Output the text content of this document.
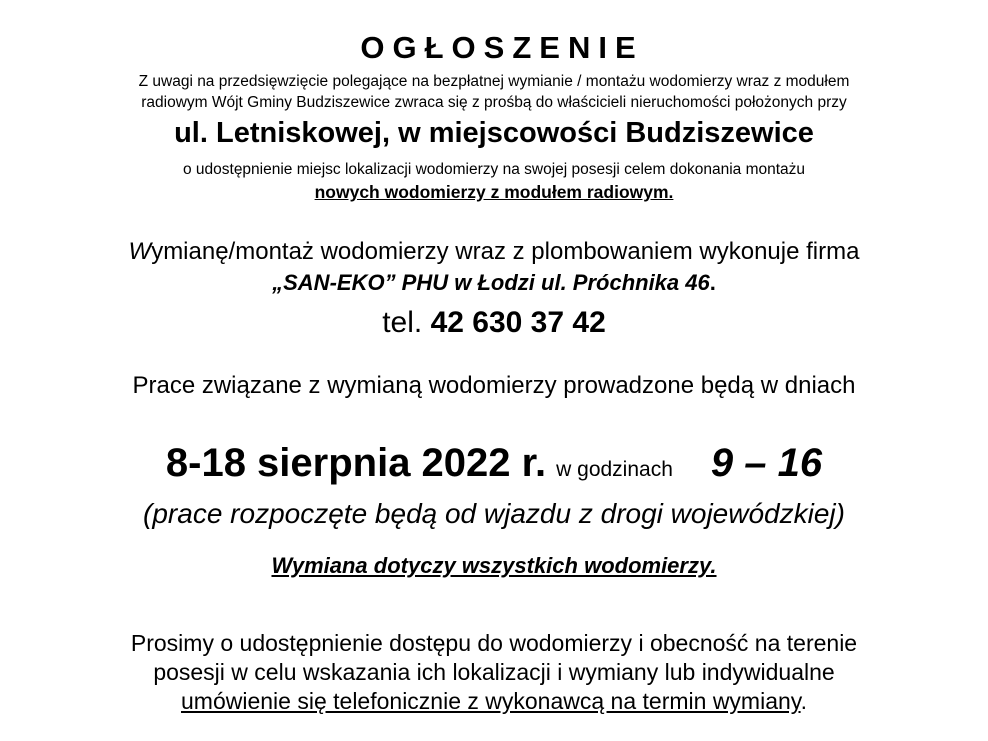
OGŁOSZENIE
Z uwagi na przedsięwzięcie polegające na bezpłatnej wymianie / montażu wodomierzy wraz z modułem
radiowym Wójt Gminy Budziszewice zwraca się z prośbą do właścicieli nieruchomości położonych przy
ul. Letniskowej, w miejscowości Budziszewice
o udostępnienie miejsc lokalizacji wodomierzy na swojej posesji celem dokonania montażu
nowych wodomierzy z modułem radiowym.
Wymianę/montaż wodomierzy wraz z plombowaniem wykonuje firma
„SAN-EKO” PHU w Łodzi ul. Próchnika 46.
tel. 42 630 37 42
Prace związane z wymianą wodomierzy prowadzone będą w dniach
8-18 sierpnia 2022 r. w godzinach 9 – 16
(prace rozpoczęte będą od wjazdu z drogi wojewódzkiej)
Wymiana dotyczy wszystkich wodomierzy.
Prosimy o udostępnienie dostępu do wodomierzy i obecność na terenie
posesji w celu wskazania ich lokalizacji i wymiany lub indywidualne
umówienie się telefonicznie z wykonawcą na termin wymiany.
